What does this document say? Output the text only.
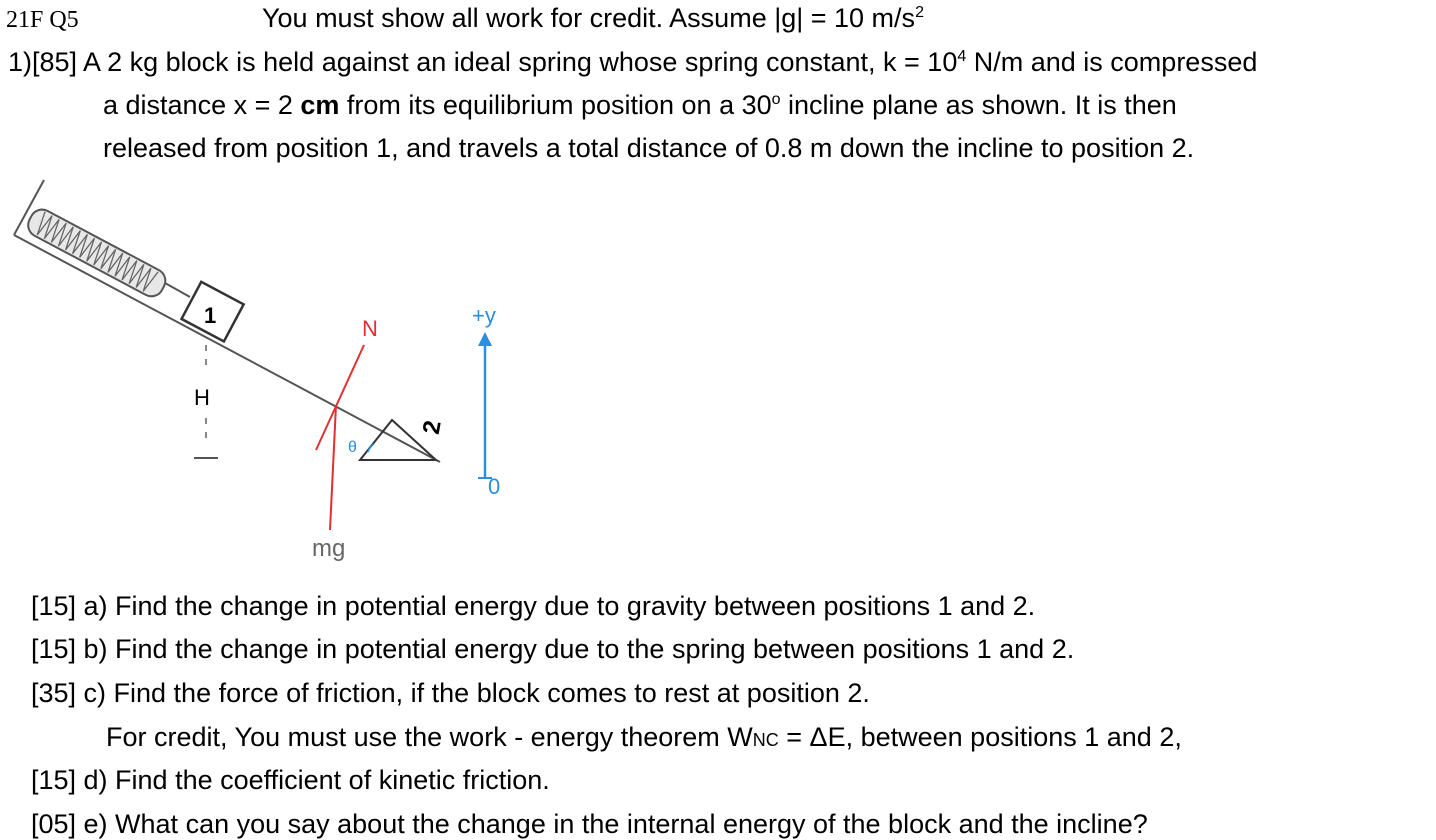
21F Q5	You must show all work for credit. Assume |g| = 10 $m/s^2$
1)[85] A 2 kg block is held against an ideal spring whose spring constant, $k = 10^4$ N/m and is compressed
a distance x = 2 cm from its equilibrium position on a 30$^o$ incline plane as shown. It is then
released from position 1, and travels a total distance of 0.8 m down the incline to position 2.
1
H
N
mg
θ
2
+y
0
[15] a) Find the change in potential energy due to gravity between positions 1 and 2.
[15] b) Find the change in potential energy due to the spring between positions 1 and 2.
[35] c) Find the force of friction, if the block comes to rest at position 2.
For credit, You must use the work - energy theorem WNC = ΔE, between positions 1 and 2,
[15] d) Find the coefficient of kinetic friction.
[05] e) What can you say about the change in the internal energy of the block and the incline?
